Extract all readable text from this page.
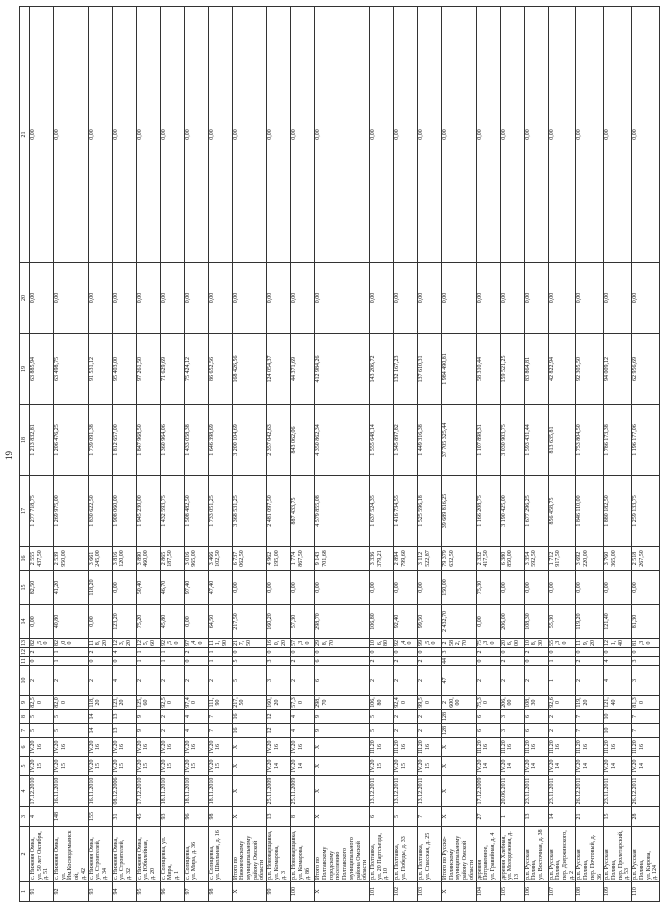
19
1	2	3	4	5	6	7	8	9	10	11	12	13	14	15	16	17	18	19	20	21
91	с. Нижняя Омка,
ул. 50 лет Октября,
д. 51	4	17.12.2010	IV.2015	IV.2016	5	5	82,50	2	0	2	82,50	0,00	82,50	2 555 437,50	1 277 718,75	1 213 832,81	63 885,94	0,00	0,00
92	с. Нижняя Омка,
ул. Им.Космодемьянской,
д. 42	148	16.11.2010	IV.2015	IV.2016	5	5	82,00	2	1	1	82,00	40,80	41,20	2 539 950,00	1 269 975,00	1 206 476,25	63 498,75	0,00	0,00
93	с. Нижняя Омка,
ул. Строителей,
д. 34	155	16.11.2010	IV.2015	IV.2016	14	14	118,20	2	0	2	118,20	0,00	118,20	3 661 245,00	1 830 622,50	1 739 091,38	91 531,12	0,00	0,00
94	с. Нижняя Омка,
ул. Строителей,
д. 32	31	08.12.2006	IV.2015	IV.2016	13	13	123,20	4	0	4	123,20	123,20	0,00	3 816 120,00	1 908 060,00	1 812 657,00	95 403,00	0,00	0,00
95	с. Нижняя Омка,
ул. Юбилейная,
д. 20	45	17.12.2010	IV.2015	IV.2016	9	9	125,60	2	1	1	125,60	75,20	50,40	3 890 460,00	1 945 230,00	1 847 968,50	97 261,50	0,00	0,00
96	с. Солнцевка, ул. Мира,
д. 1	93	18.11.2010	IV.2015	IV.2016	2	2	92,50	2	1	1	92,50	45,80	46,70	2 865 187,50	1 432 593,75	1 360 964,06	71 629,69	0,00	0,00
97	с. Солнцевка,
ул. Мира, д. 36	96	18.11.2010	IV.2015	IV.2016	4	4	97,40	2	0	2	97,40	0,00	97,40	3 016 965,00	1 508 482,50	1 433 058,38	75 424,12	0,00	0,00
98	с. Солнцевка,
ул. Школьная, д. 16	98	18.11.2010	IV.2015	IV.2016	7	7	111,90	2	1	1	111,90	64,50	47,40	3 466 102,50	1 733 051,25	1 646 398,69	86 652,56	0,00	0,00
X	Итого по Нижнеомскому
муниципальному району Омской
области	X	X	X	X	16	16	217,50	5	5	0	217,50	217,50	0,00	6 737 062,50	3 368 531,25	3 200 104,69	168 426,56	0,00	0,00
99	р.п. Нововарщавка,
ул. Комарова,
д. 3	13	25.11.2009	IV.2014	IV.2016	12	12	160,20	3	3	0	160,20	160,20	0,00	4 962 195,00	2 481 097,50	2 357 042,63	124 054,37	0,00	0,00
100	р.п. Нововарщавка,
ул. Комарова,
д. 8б	8	25.11.2009	IV.2014	IV.2016	4	4	57,30	2	2	0	57,30	57,30	0,00	1 774 867,50	887 433,75	843 062,06	44 371,69	0,00	0,00
X	Итого по Полтавскому городскому
поселению Полтавского
муниципального района Омской области	X	X	X	X	9	9	298,70	6	6	0	298,70	298,70	0,00	9 143 701,68	4 579 855,08	4 350 862,34	412 984,26	0,00	0,00
101	р.п. Полтавка,
ул. 20 Партсъезда,
д. 10	6	13.12.2011	IV.2015	III.2016	5	5	106,80	2	2	0	106,80	106,80	0,00	3 336 379,21	1 637 524,35	1 555 648,14	143 206,72	0,00	0,00
102	р.п. Полтавка,
ул. Победы, д. 33	5	13.12.2011	IV.2015	III.2016	2	2	92,40	2	2	0	92,40	92,40	0,00	2 894 799,60	1 416 734,55	1 345 897,82	132 167,23	0,00	0,00
103	р.п. Полтавка,
ул. Спасская, д. 25	7	13.12.2011	IV.2015	III.2016	2	2	99,50	2	2	0	99,50	99,50	0,00	3 112 522,87	1 525 596,18	1 449 316,38	137 610,31	0,00	0,00
X	Итого по Русско-Полянскому
муниципальному району Омской
области	X	X	X	X	128	128	2 600,00	47	44	3	2 582,70	2 432,70	150,00	79 379 632,50	39 689 816,25	37 705 325,44	1 984 490,81	0,00	0,00
104	деревня Потравенное,
ул. Гравийная, д. 4	27	17.12.2009	IV.2014	III.2016	6	6	75,30	2	0	2	75,30	0,00	75,30	2 332 417,50	1 166 208,75	1 107 898,31	58 310,44	0,00	0,00
105	деревня Хлебная,
ул. Молодежная, д. 13	1	20.06.2011	IV.2014	III.2016	3	3	206,00	2	2	0	206,00	206,00	0,00	6 380 850,00	3 190 425,00	3 030 903,75	159 521,25	0,00	0,00
106	р.п. Русская Поляна,
ул. Восточная, д. 38	13	23.11.2011	IV.2014	III.2016	6	6	108,30	2	0	2	108,30	108,30	0,00	3 354 592,50	1 677 296,25	1 593 431,44	83 864,81	0,00	0,00
107	р.п. Русская Поляна,
пер. Дзержинского, д. 2	14	23.11.2011	IV.2014	III.2016	2	2	92,60	1	1	0	55,30	55,30	0,00	1 712 917,50	856 458,75	813 635,81	42 822,94	0,00	0,00
108	р.п. Русская Поляна,
пер. Почтовый, д. 36	21	26.12.2011	IV.2014	III.2016	7	7	119,20	2	2	0	119,20	119,20	0,00	3 692 220,00	1 846 110,00	1 753 804,50	92 305,50	0,00	0,00
109	р.п. Русская Поляна,
пер. Пролетарский, д. 53	15	23.11.2011	IV.2014	III.2016	10	10	121,40	4	4	0	121,40	121,40	0,00	3 760 365,00	1 880 182,50	1 786 173,38	94 009,12	0,00	0,00
110	р.п. Русская Поляна,
ул. Кирова,
д. 124	28	26.12.2011	IV.2014	III.2016	7	7	81,30	3	3	0	81,30	81,30	0,00	2 518 267,50	1 259 133,75	1 196 177,06	62 956,69	0,00	0,00
